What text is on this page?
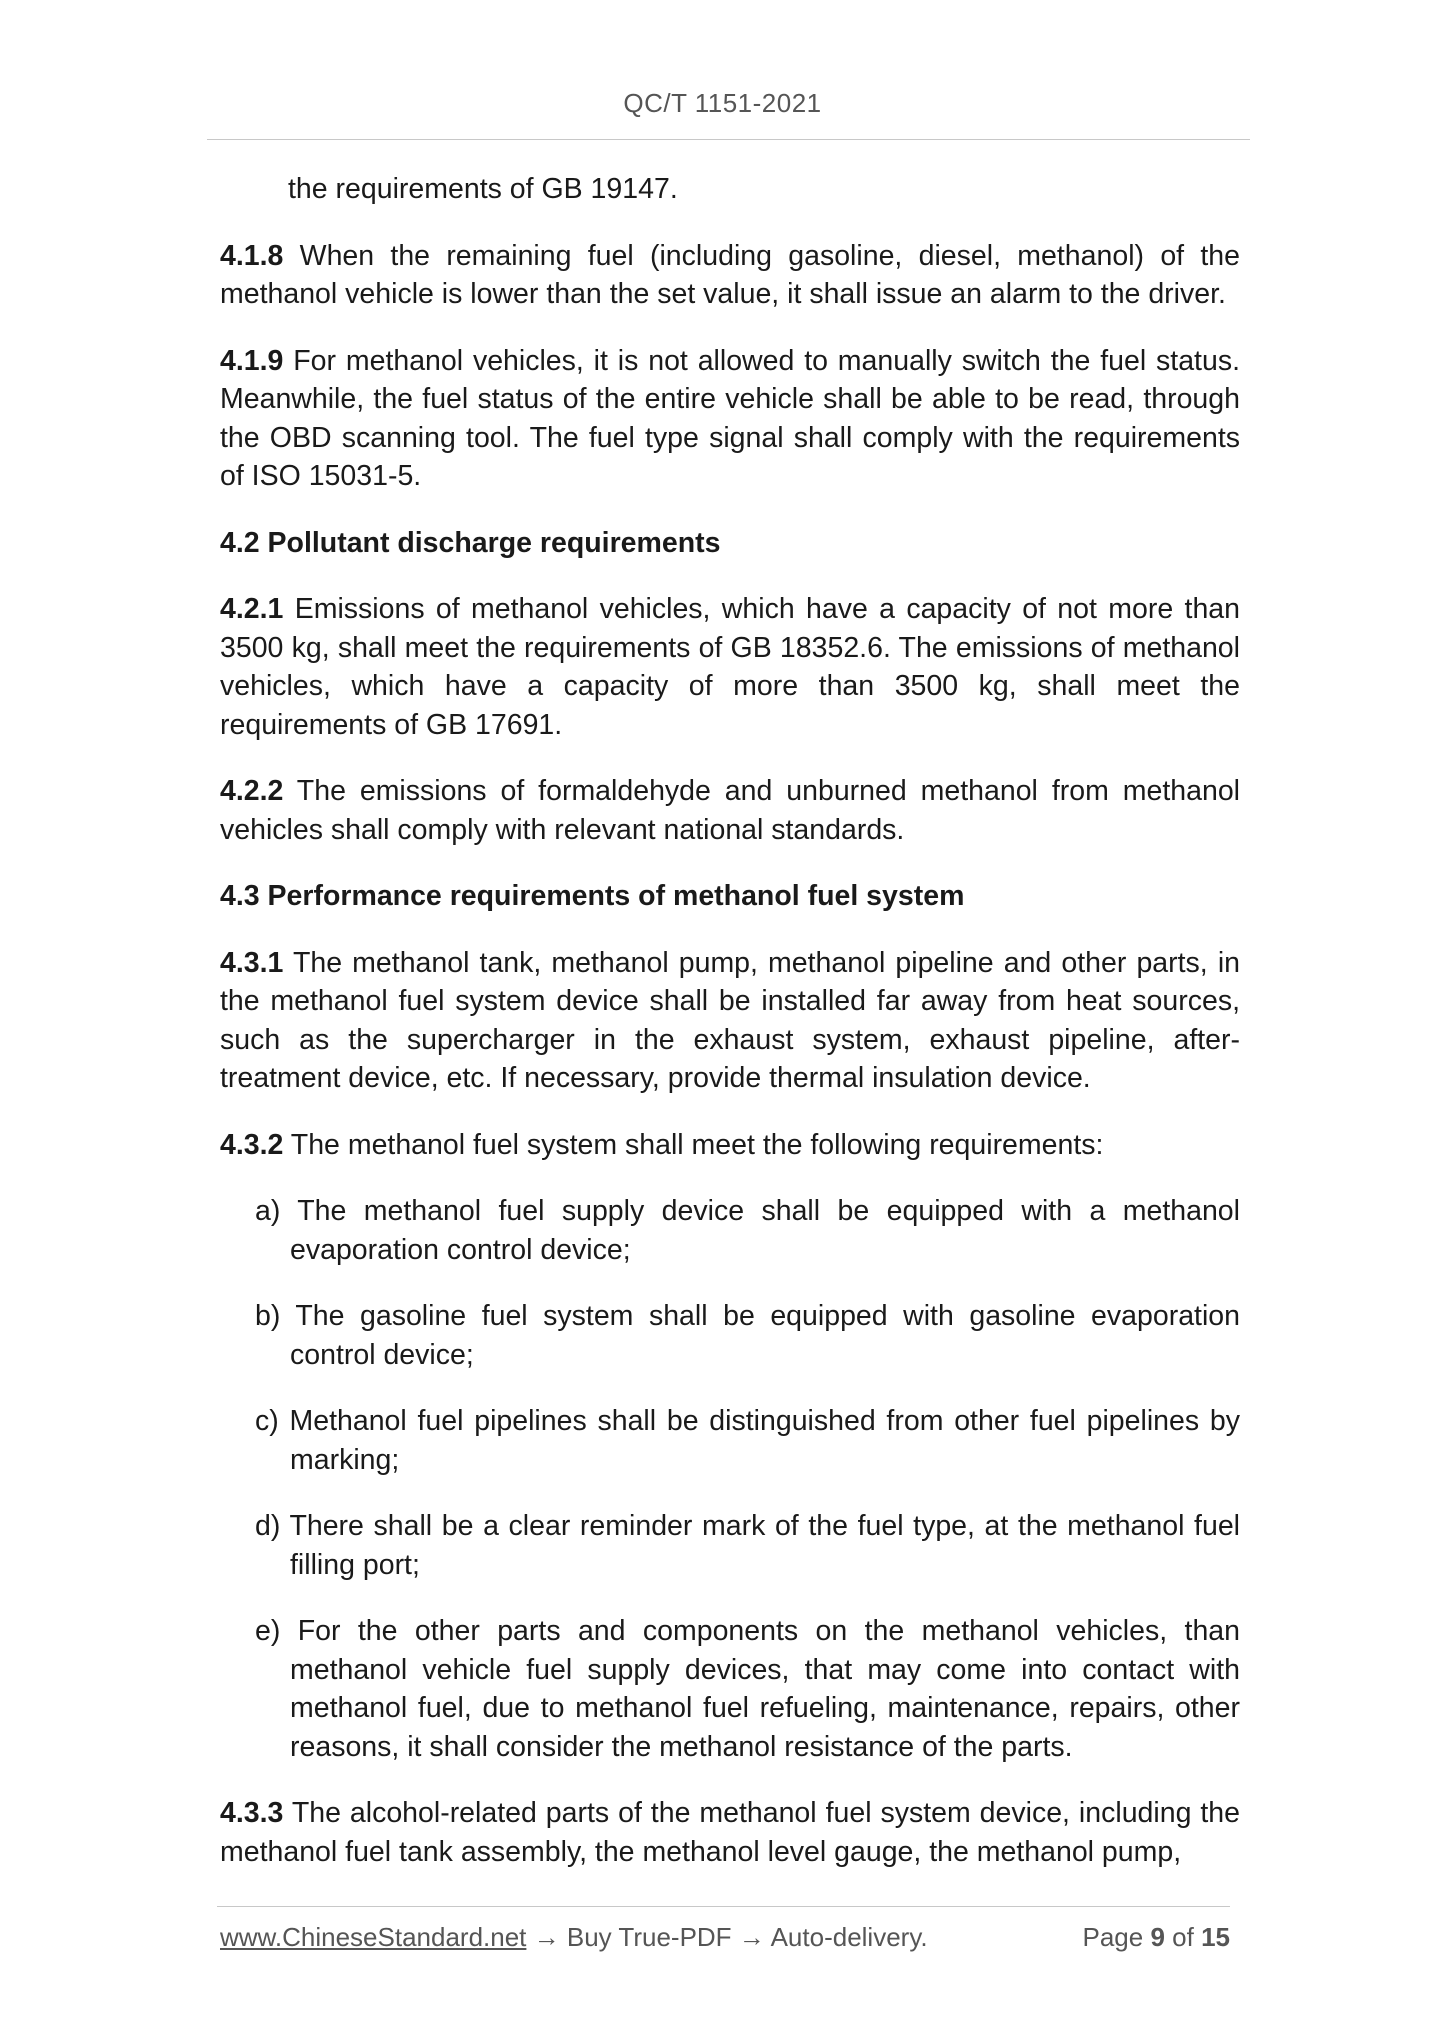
QC/T 1151-2021

the requirements of GB 19147.

4.1.8 When the remaining fuel (including gasoline, diesel, methanol) of the methanol vehicle is lower than the set value, it shall issue an alarm to the driver.

4.1.9 For methanol vehicles, it is not allowed to manually switch the fuel status. Meanwhile, the fuel status of the entire vehicle shall be able to be read, through the OBD scanning tool. The fuel type signal shall comply with the requirements of ISO 15031-5.

4.2 Pollutant discharge requirements

4.2.1 Emissions of methanol vehicles, which have a capacity of not more than 3500 kg, shall meet the requirements of GB 18352.6. The emissions of methanol vehicles, which have a capacity of more than 3500 kg, shall meet the requirements of GB 17691.

4.2.2 The emissions of formaldehyde and unburned methanol from methanol vehicles shall comply with relevant national standards.

4.3 Performance requirements of methanol fuel system

4.3.1 The methanol tank, methanol pump, methanol pipeline and other parts, in the methanol fuel system device shall be installed far away from heat sources, such as the supercharger in the exhaust system, exhaust pipeline, after-treatment device, etc. If necessary, provide thermal insulation device.

4.3.2 The methanol fuel system shall meet the following requirements:

a) The methanol fuel supply device shall be equipped with a methanol evaporation control device;

b) The gasoline fuel system shall be equipped with gasoline evaporation control device;

c) Methanol fuel pipelines shall be distinguished from other fuel pipelines by marking;

d) There shall be a clear reminder mark of the fuel type, at the methanol fuel filling port;

e) For the other parts and components on the methanol vehicles, than methanol vehicle fuel supply devices, that may come into contact with methanol fuel, due to methanol fuel refueling, maintenance, repairs, other reasons, it shall consider the methanol resistance of the parts.

4.3.3 The alcohol-related parts of the methanol fuel system device, including the methanol fuel tank assembly, the methanol level gauge, the methanol pump,

www.ChineseStandard.net → Buy True-PDF → Auto-delivery.	Page 9 of 15
